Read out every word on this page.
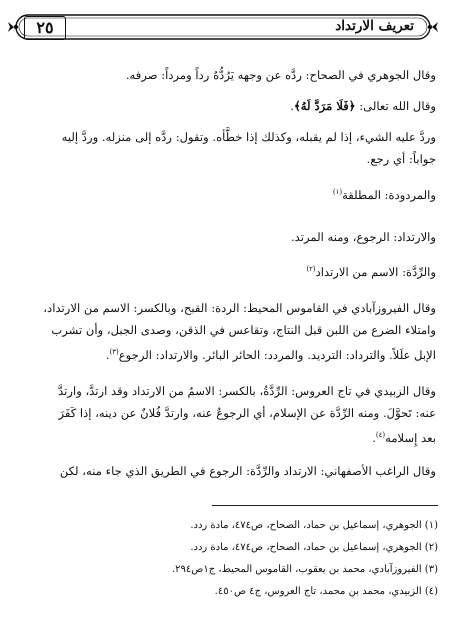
تعريف الارتداد
٢٥
وقال الجوهري في الصحاح: ردَّه عن وجهه يَرُدُّهُ رداً ومرداً: صرفه.
وقال الله تعالى: ﴿فَلَا مَرَدَّ لَهُ﴾.
وردَّ عليه الشيء، إذا لم يقبله، وكذلك إذا خطَّأه. وتقول: ردَّه إلى منزله. وردَّ إليه
جواباً: أي رجع.
والمردودة: المطلقة$^{(١)}$
والارتداد: الرجوع، ومنه المرتد.
والرِّدَّة: الاسم من الارتداد$^{(٢)}$
وقال الفيروزآبادي في القاموس المحيط: الردة: القبح، وبالكسر: الاسم من الارتداد،
وامتلاء الضرع من اللبن قبل النتاج، وتقاعس في الذقن، وصدى الجبل، وأن تشرب
الإبل علَلاً. والترداد: الترديد. والمردد: الحائر البائر. والارتداد: الرجوع$^{(٣)}$.
وقال الزبيدي في تاج العروس: الرِّدَّةُ، بالكسر: الاسمُ من الارتداد وقد ارتدَّ، وارتدَّ
عنه: تَحوَّلَ. ومنه الرِّدَّة عن الإسلام، أي الرجوعُ عنه، وارتدَّ فُلانٌ عن دينه، إذا كَفَرَ
بعد إِسلامه$^{(٤)}$.
وقال الراغب الأصفهاني: الارتداد والرِّدَّة: الرجوع في الطريق الذي جاء منه، لكن
(١) الجوهري، إسماعيل بن حماد، الصحاح، ص٤٧٤، مادة ردد.
(٢) الجوهري، إسماعيل بن حماد، الصحاح، ص٤٧٤، مادة ردد.
(٣) الفيروزآبادي، محمد بن يعقوب، القاموس المحيط، ج١ص٢٩٤.
(٤) الزبيدي، محمد بن محمد، تاج العروس، ج٤ ص٤٥٠.
